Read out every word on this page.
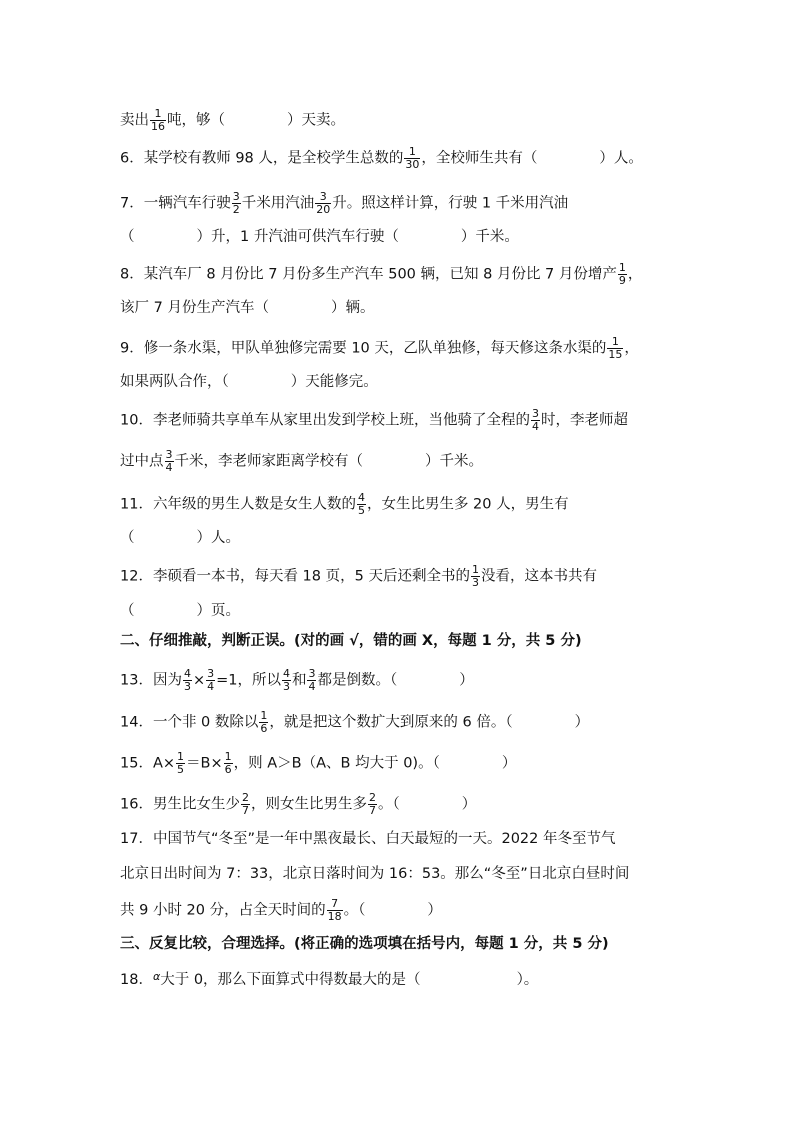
卖出 $\frac{1}{16}$ 吨，够（	）天卖。
6．某学校有教师 98 人，是全校学生总数的 $\frac{1}{30}$ ，全校师生共有（	）人。
7．一辆汽车行驶 $\frac{3}{2}$ 千米用汽油 $\frac{3}{20}$ 升。照这样计算，行驶 1 千米用汽油
（	）升，1 升汽油可供汽车行驶（	）千米。
8．某汽车厂 8 月份比 7 月份多生产汽车 500 辆，已知 8 月份比 7 月份增产 $\frac{1}{9}$ ，
该厂 7 月份生产汽车（	）辆。
9．修一条水渠，甲队单独修完需要 10 天，乙队单独修，每天修这条水渠的 $\frac{1}{15}$ ，
如果两队合作，（	）天能修完。
10．李老师骑共享单车从家里出发到学校上班，当他骑了全程的 $\frac{3}{4}$ 时，李老师超
过中点 $\frac{3}{4}$ 千米，李老师家距离学校有（	）千米。
11．六年级的男生人数是女生人数的 $\frac{4}{5}$ ，女生比男生多 20 人，男生有
（	）人。
12．李硕看一本书，每天看 18 页，5 天后还剩全书的 $\frac{1}{3}$ 没看，这本书共有
（	）页。
二、仔细推敲，判断正误。(对的画 √，错的画 X，每题 1 分，共 5 分)
13．因为 $\frac{4}{3} \times \frac{3}{4} =1$，所以 $\frac{4}{3}$ 和 $\frac{3}{4}$ 都是倒数。（	）
14．一个非 0 数除以 $\frac{1}{6}$ ，就是把这个数扩大到原来的 6 倍。（	）
15．$A\times \frac{1}{5} =B\times \frac{1}{6}$ ，则 A＞B（A、B 均大于 0)。（	）
16．男生比女生少 $\frac{2}{7}$ ，则女生比男生多 $\frac{2}{7}$ 。（	）
17．中国节气“冬至”是一年中黑夜最长、白天最短的一天。2022 年冬至节气
北京日出时间为 7：33，北京日落时间为 16：53。那么“冬至”日北京白昼时间
共 9 小时 20 分，占全天时间的 $\frac{7}{18}$ 。（	）
三、反复比较，合理选择。(将正确的选项填在括号内，每题 1 分，共 5 分)
18．$^\alpha$大于 0，那么下面算式中得数最大的是（	）。
